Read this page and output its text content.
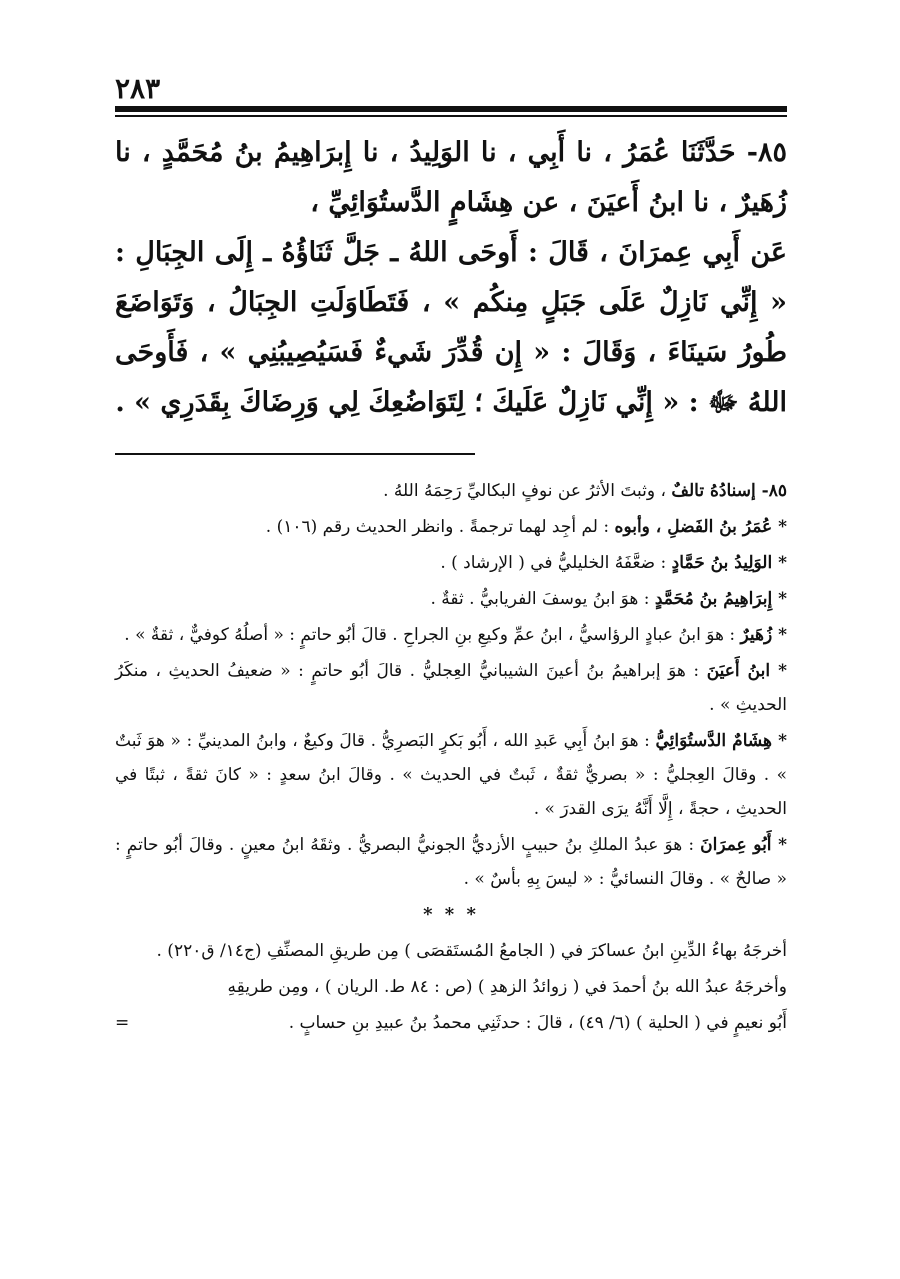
٢٨٣

٨٥- حَدَّثَنَا عُمَرُ ، نا أَبِي ، نا الوَلِيدُ ، نا إِبرَاهِيمُ بنُ مُحَمَّدٍ ، نا زُهَيرٌ ، نا ابنُ أَعيَنَ ، عن هِشَامٍ الدَّستُوَائِيِّ ،

عَن أَبِي عِمرَانَ ، قَالَ : أَوحَى اللهُ ـ جَلَّ ثَنَاؤُهُ ـ إِلَى الجِبَالِ : « إِنِّي نَازِلٌ عَلَى جَبَلٍ مِنكُم » ، فَتَطَاوَلَتِ الجِبَالُ ، وَتَوَاضَعَ طُورُ سَينَاءَ ، وَقَالَ : « إِن قُدِّرَ شَيءٌ فَسَيُصِيبُنِي » ، فَأَوحَى اللهُ ﷻ : « إِنِّي نَازِلٌ عَلَيكَ ؛ لِتَوَاضُعِكَ لِي وَرِضَاكَ بِقَدَرِي » .

٨٥- إسنادُهُ تالفٌ ، وثبتَ الأثرُ عن نوفٍ البكاليِّ رَحِمَهُ اللهُ .

* عُمَرُ بنُ الفَضلِ ، وأبوه : لم أجِد لهما ترجمةً . وانظر الحديث رقم (١٠٦) .

* الوَلِيدُ بنُ حَمَّادٍ : ضعَّفَهُ الخليليُّ في ( الإرشاد ) .

* إِبرَاهِيمُ بنُ مُحَمَّدٍ : هوَ ابنُ يوسفَ الفريابيُّ . ثقةٌ .

* زُهَيرٌ : هوَ ابنُ عبادٍ الرؤاسيُّ ، ابنُ عمِّ وكيعِ بنِ الجراحِ . قالَ أبُو حاتمٍ : « أصلُهُ كوفيٌّ ، ثقةٌ » .

* ابنُ أَعيَنَ : هوَ إبراهيمُ بنُ أعينَ الشيبانيُّ العِجليُّ . قالَ أبُو حاتمٍ : « ضعيفُ الحديثِ ، منكَرُ الحديثِ » .

* هِشَامٌ الدَّستُوَائِيُّ : هوَ ابنُ أَبِي عَبدِ الله ، أَبُو بَكرٍ البَصرِيُّ . قالَ وكيعٌ ، وابنُ المدينيِّ : « هوَ ثَبتٌ » . وقالَ العِجليُّ : « بصريٌّ ثقةٌ ، ثَبتٌ في الحديث » . وقالَ ابنُ سعدٍ : « كانَ ثقةً ، ثبتًا في الحديثِ ، حجةً ، إِلَّا أَنَّهُ يرَى القدرَ » .

* أَبُو عِمرَانَ : هوَ عبدُ الملكِ بنُ حبيبٍ الأزديُّ الجونيُّ البصريُّ . وثقَهُ ابنُ معينٍ . وقالَ أبُو حاتمٍ : « صالحٌ » . وقالَ النسائيُّ : « ليسَ بِهِ بأسٌ » .

* * *

أخرجَهُ بهاءُ الدِّينِ ابنُ عساكرَ في ( الجامعُ المُستَقصَى ) مِن طريقِ المصنِّفِ (ج١٤/ ق٢٢٠) .

وأخرجَهُ عبدُ الله بنُ أحمدَ في ( زوائدُ الزهدِ ) (ص : ٨٤ ط. الريان ) ، ومِن طريقِهِ

أَبُو نعيمٍ في ( الحلية ) (٦/ ٤٩) ، قالَ : حدثَنِي محمدُ بنُ عبيدِ بنِ حسابٍ .
=
